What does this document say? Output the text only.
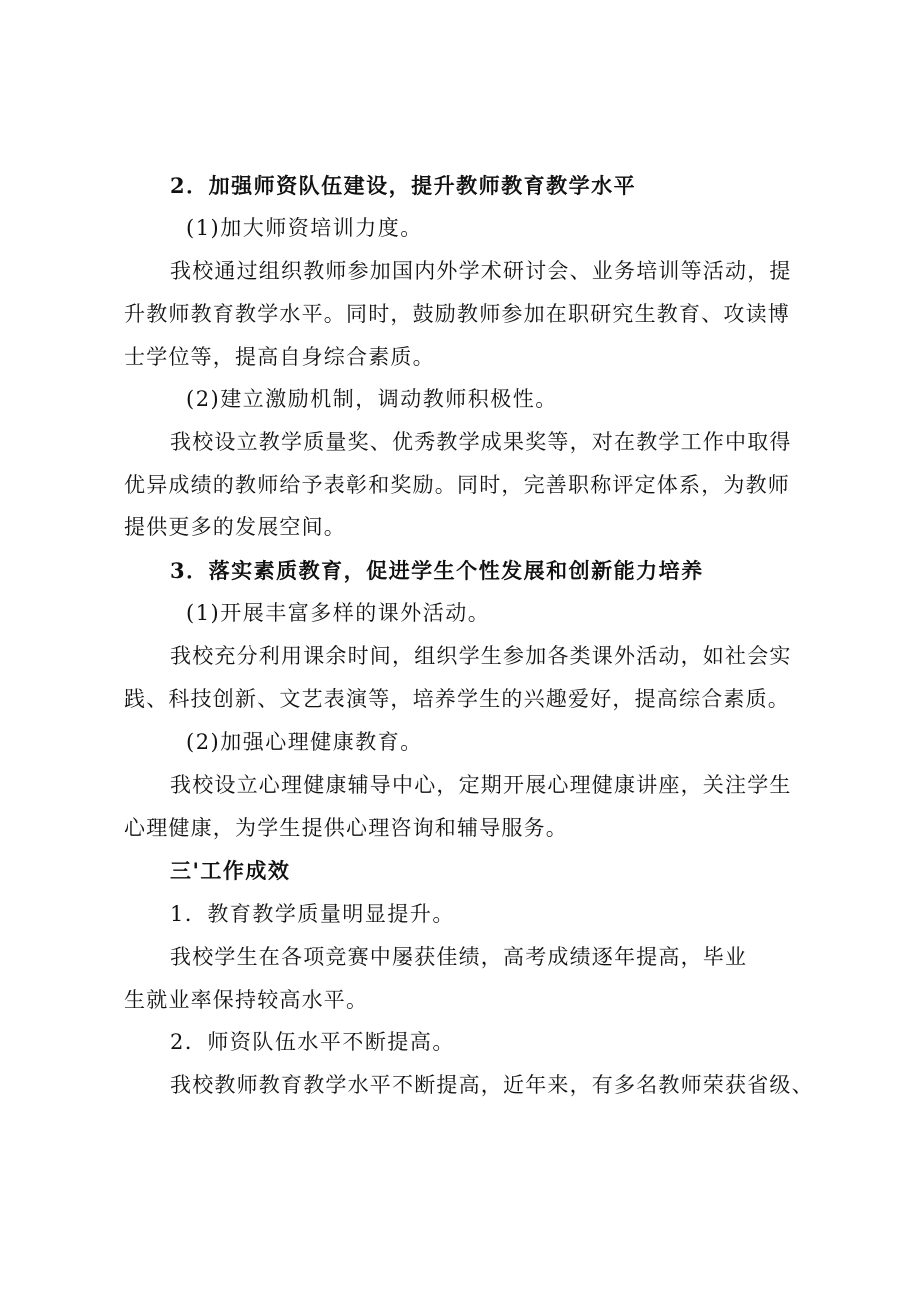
2．加强师资队伍建设，提升教师教育教学水平
(1)加大师资培训力度。
我校通过组织教师参加国内外学术研讨会、业务培训等活动，提
升教师教育教学水平。同时，鼓励教师参加在职研究生教育、攻读博
士学位等，提高自身综合素质。
(2)建立激励机制，调动教师积极性。
我校设立教学质量奖、优秀教学成果奖等，对在教学工作中取得
优异成绩的教师给予表彰和奖励。同时，完善职称评定体系，为教师
提供更多的发展空间。
3．落实素质教育，促进学生个性发展和创新能力培养
(1)开展丰富多样的课外活动。
我校充分利用课余时间，组织学生参加各类课外活动，如社会实
践、科技创新、文艺表演等，培养学生的兴趣爱好，提高综合素质。
(2)加强心理健康教育。
我校设立心理健康辅导中心，定期开展心理健康讲座，关注学生
心理健康，为学生提供心理咨询和辅导服务。
三'工作成效
1．教育教学质量明显提升。
我校学生在各项竞赛中屡获佳绩，高考成绩逐年提高，毕业
生就业率保持较高水平。
2．师资队伍水平不断提高。
我校教师教育教学水平不断提高，近年来，有多名教师荣获省级、
